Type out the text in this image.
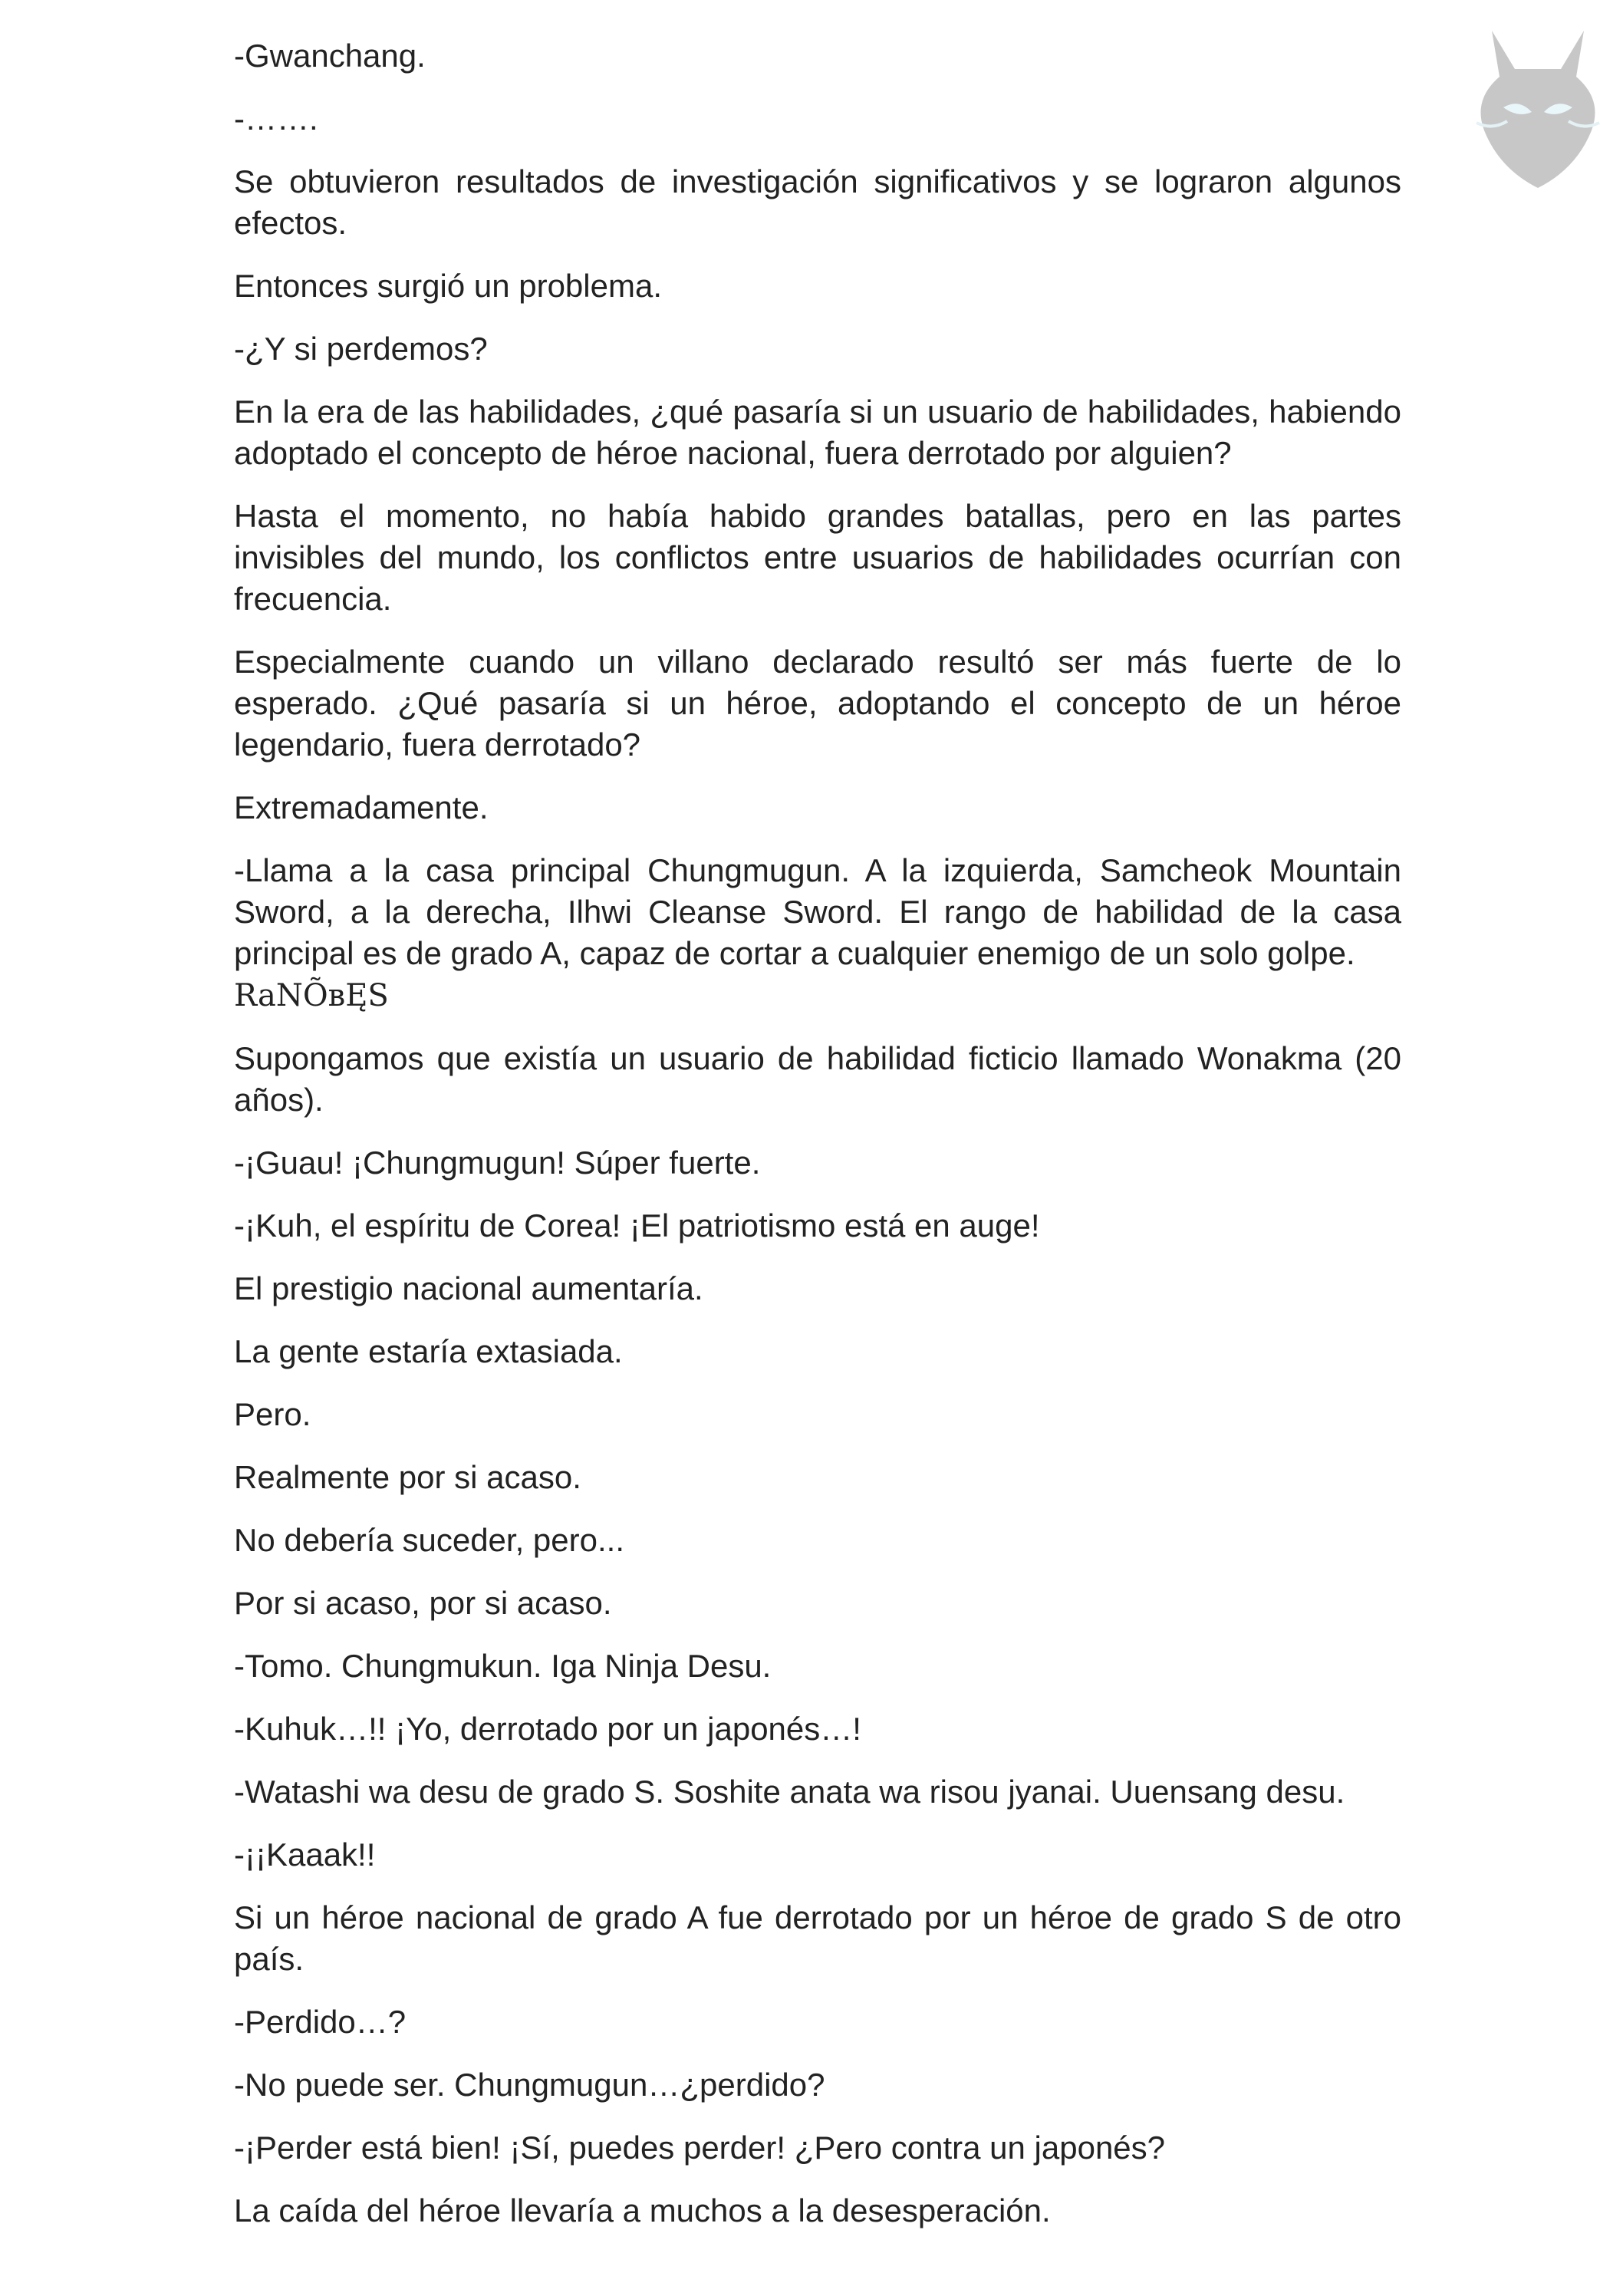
-Gwanchang.

-…….

Se obtuvieron resultados de investigación significativos y se lograron algunos efectos.

Entonces surgió un problema.

-¿Y si perdemos?

En la era de las habilidades, ¿qué pasaría si un usuario de habilidades, habiendo adoptado el concepto de héroe nacional, fuera derrotado por alguien?

Hasta el momento, no había habido grandes batallas, pero en las partes invisibles del mundo, los conflictos entre usuarios de habilidades ocurrían con frecuencia.

Especialmente cuando un villano declarado resultó ser más fuerte de lo esperado. ¿Qué pasaría si un héroe, adoptando el concepto de un héroe legendario, fuera derrotado?

Extremadamente.

-Llama a la casa principal Chungmugun. A la izquierda, Samcheok Mountain Sword, a la derecha, Ilhwi Cleanse Sword. El rango de habilidad de la casa principal es de grado A, capaz de cortar a cualquier enemigo de un solo golpe.
RaNÕʙĘS

Supongamos que existía un usuario de habilidad ficticio llamado Wonakma (20 años).

-¡Guau! ¡Chungmugun! Súper fuerte.

-¡Kuh, el espíritu de Corea! ¡El patriotismo está en auge!

El prestigio nacional aumentaría.

La gente estaría extasiada.

Pero.

Realmente por si acaso.

No debería suceder, pero...

Por si acaso, por si acaso.

-Tomo. Chungmukun. Iga Ninja Desu.

-Kuhuk…!! ¡Yo, derrotado por un japonés…!

-Watashi wa desu de grado S. Soshite anata wa risou jyanai. Uuensang desu.

-¡¡Kaaak!!

Si un héroe nacional de grado A fue derrotado por un héroe de grado S de otro país.

-Perdido…?

-No puede ser. Chungmugun…¿perdido?

-¡Perder está bien! ¡Sí, puedes perder! ¿Pero contra un japonés?

La caída del héroe llevaría a muchos a la desesperación.
